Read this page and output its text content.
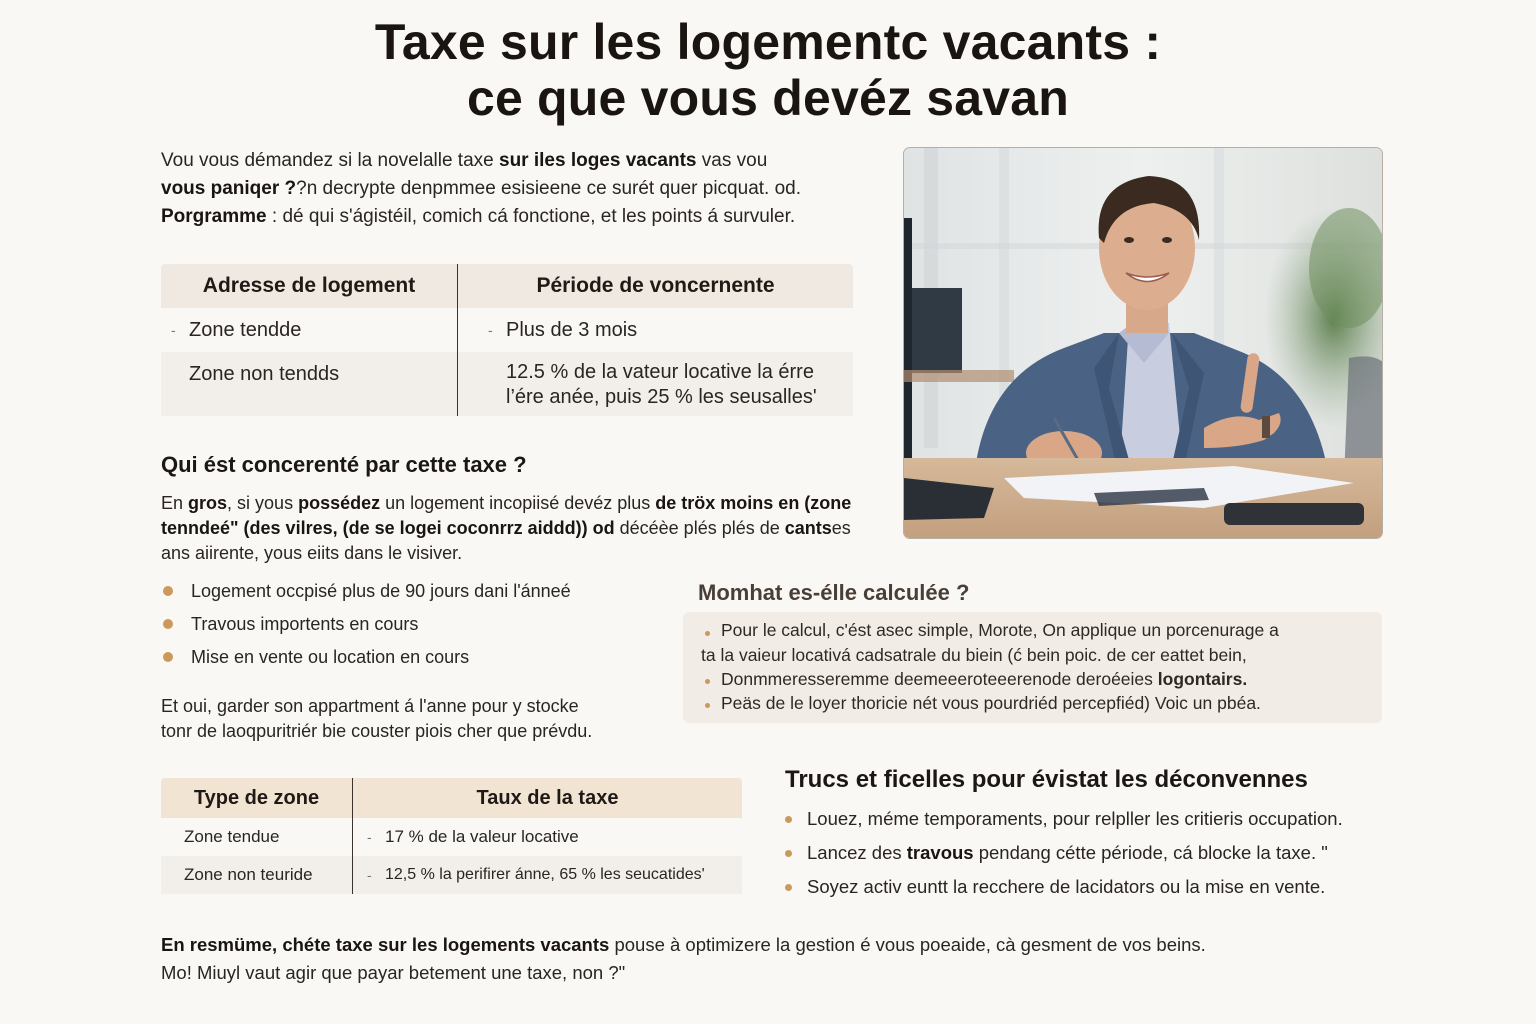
Taxe sur les logementc vacants :
ce que vous devéz savan

Vou vous démandez si la novelalle taxe sur iles loges vacants vas vou
vous paniqer ??n decrypte denpmmee esisieene ce surét quer picquat. od.
Porgramme : dé qui s'ágistéil, comich cá fonctione, et les points á survuler.

Adresse de logement	Période de voncernente
- Zone tendde	- Plus de 3 mois
Zone non tendds	12.5 % de la vateur locative la érre
l’ére anée, puis 25 % les seusalles'
Qui ést concerenté par cette taxe ?

En gros, si yous possédez un logement incopiisé devéz plus de tröx moins en (zone tenndeé" (des vilres, (de se logei coconrrz aiddd)) od décéèe plés plés de cantses ans aiirente, yous eiits dans le visiver.

Logement occpisé plus de 90 jours dani l'ánneé
Travous importents en cours
Mise en vente ou location en cours

Et oui, garder son appartment á l'anne pour y stocke
tonr de laoqpuritriér bie couster piois cher que prévdu.

Momhat es-élle calculée ?
Pour le calcul, c'ést asec simple, Morote, On applique un porcenurage a
ta la vaieur locativá cadsatrale du biein (ć bein poic. de cer eattet bein,
Donmmeresseremme deemeeeroteeerenode deroéeies logontairs.
Peäs de le loyer thoricie nét vous pourdriéd percepfiéd) Voic un pbéa.
Type de zone	Taux de la taxe
Zone tendue	- 17 % de la valeur locative
Zone non teuride	- 12,5 % la perifirer ánne, 65 % les seucatides'
Trucs et ficelles pour évistat les déconvennes
Louez, méme temporaments, pour relpller les critieris occupation.
Lancez des travous pendang cétte période, cá blocke la taxe. "
Soyez activ euntt la recchere de lacidators ou la mise en vente.

En resmüme, chéte taxe sur les logements vacants pouse à optimizere la gestion é vous poeaide, cà gesment de vos beins.
Mo! Miuyl vaut agir que payar betement une taxe, non ?"
